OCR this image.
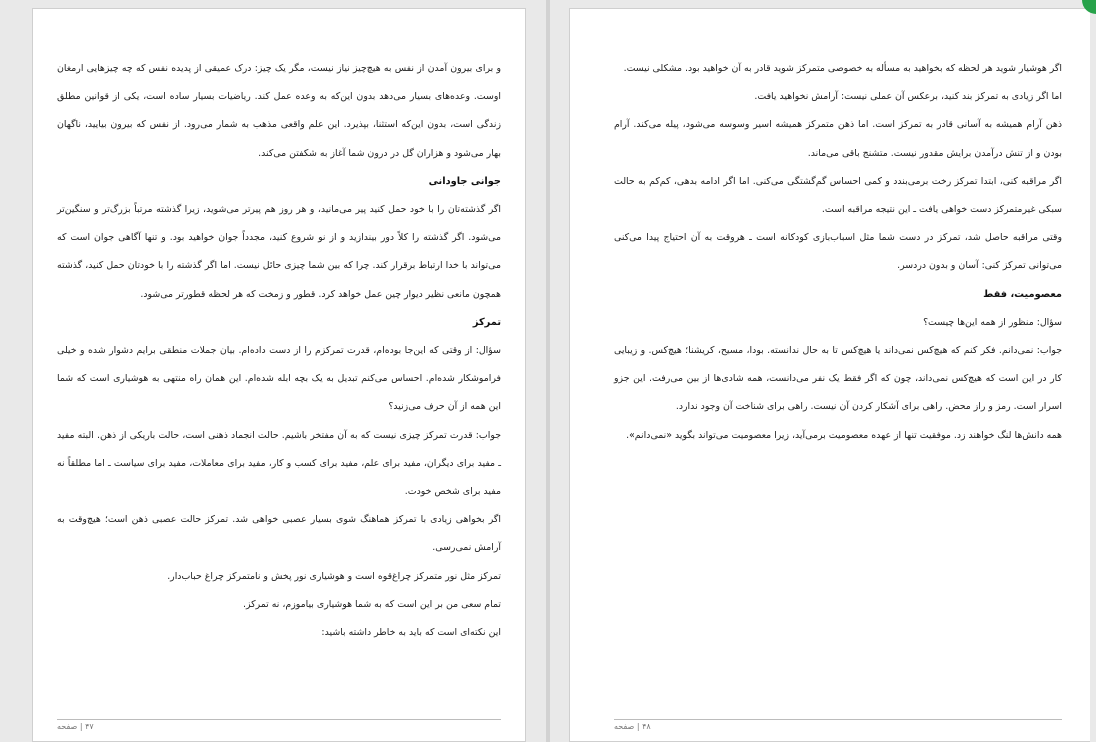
و برای بیرون آمدن از نفس به هیچ‌چیز نیاز نیست، مگر یک چیز: درک عمیقی از پدیده نفس که چه چیزهایی ارمغان اوست. وعده‌های بسیار می‌دهد بدون این‌که به وعده عمل کند. ریاضیات بسیار ساده است، یکی از قوانین مطلق زندگی است، بدون این‌که استثنا، بپذیرد. این علم واقعی مذهب به شمار می‌رود. از نفس که بیرون بیایید، ناگهان بهار می‌شود و هزاران گل در درون شما آغاز به شکفتن می‌کند.

جوانی جاودانی

اگر گذشته‌تان را با خود حمل کنید پیر می‌مانید، و هر روز هم پیرتر می‌شوید، زیرا گذشته مرتباً بزرگ‌تر و سنگین‌تر می‌شود. اگر گذشته را کلاً دور بیندازید و از نو شروع کنید، مجدداً جوان خواهید بود. و تنها آگاهی جوان است که می‌تواند با خدا ارتباط برقرار کند. چرا که بین شما چیزی حائل نیست. اما اگر گذشته را با خودتان حمل کنید، گذشته همچون مانعی نظیر دیوار چین عمل خواهد کرد. قطور و زمخت که هر لحظه قطورتر می‌شود.

تمرکز

سؤال: از وقتی که این‌جا بوده‌ام، قدرت تمرکزم را از دست داده‌ام. بیان جملات منطقی برایم دشوار شده و خیلی فراموشکار شده‌ام. احساس می‌کنم تبدیل به یک بچه ابله شده‌ام. این همان راه منتهی به هوشیاری است که شما این همه از آن حرف می‌زنید؟

جواب: قدرت تمرکز چیزی نیست که به آن مفتخر باشیم. حالت انجماد ذهنی است، حالت باریکی از ذهن. البته مفید ـ مفید برای دیگران، مفید برای علم، مفید برای کسب و کار، مفید برای معاملات، مفید برای سیاست ـ اما مطلقاً نه مفید برای شخص خودت.

اگر بخواهی زیادی با تمرکز هماهنگ شوی بسیار عصبی خواهی شد. تمرکز حالت عصبی ذهن است؛ هیچ‌وقت به آرامش نمی‌رسی.

تمرکز مثل نور متمرکز چراغ‌قوه است و هوشیاری نور پخش و نامتمرکز چراغ حباب‌دار.

تمام سعی من بر این است که به شما هوشیاری بیاموزم، نه تمرکز.

این نکته‌ای است که باید به خاطر داشته باشید:

۴۷ | صفحه

اگر هوشیار شوید هر لحظه که بخواهید به مسأله به خصوصی متمرکز شوید قادر به آن خواهید بود. مشکلی نیست.

اما اگر زیادی به تمرکز بند کنید، برعکس آن عملی نیست: آرامش نخواهید یافت.

ذهن آرام همیشه به آسانی قادر به تمرکز است. اما ذهن متمرکز همیشه اسیر وسوسه می‌شود، پیله می‌کند. آرام بودن و از تنش درآمدن برایش مقدور نیست. متشنج باقی می‌ماند.

اگر مراقبه کنی، ابتدا تمرکز رخت برمی‌بندد و کمی احساس گم‌گشتگی می‌کنی. اما اگر ادامه بدهی، کم‌کم به حالت سبکی غیرمتمرکز دست خواهی یافت ـ این نتیجه مراقبه است.

وقتی مراقبه حاصل شد، تمرکز در دست شما مثل اسباب‌بازی کودکانه است ـ هروقت به آن احتیاج پیدا می‌کنی می‌توانی تمرکز کنی: آسان و بدون دردسر.

معصومیت، فقط

سؤال: منظور از همه این‌ها چیست؟

جواب: نمی‌دانم. فکر کنم که هیچ‌کس نمی‌داند یا هیچ‌کس تا به حال ندانسته. بودا، مسیح، کریشنا؛ هیچ‌کس. و زیبایی کار در این است که هیچ‌کس نمی‌داند، چون که اگر فقط یک نفر می‌دانست، همه شادی‌ها از بین می‌رفت. این جزو اسرار است. رمز و راز محض. راهی برای آشکار کردن آن نیست. راهی برای شناخت آن وجود ندارد.

همه دانش‌ها لنگ خواهند زد. موفقیت تنها از عهده معصومیت برمی‌آید، زیرا معصومیت می‌تواند بگوید «نمی‌دانم».

۴۸ | صفحه
